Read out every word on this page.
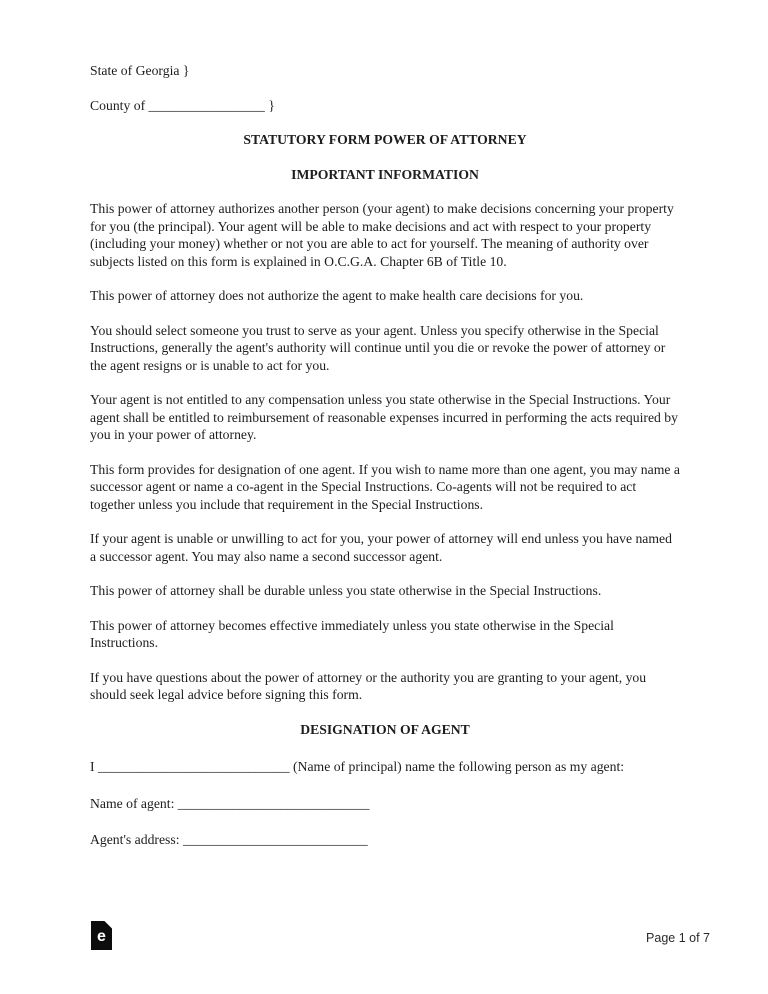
State of Georgia }

County of _________________ }

STATUTORY FORM POWER OF ATTORNEY

IMPORTANT INFORMATION

This power of attorney authorizes another person (your agent) to make decisions concerning your property for you (the principal). Your agent will be able to make decisions and act with respect to your property (including your money) whether or not you are able to act for yourself. The meaning of authority over subjects listed on this form is explained in O.C.G.A. Chapter 6B of Title 10.

This power of attorney does not authorize the agent to make health care decisions for you.

You should select someone you trust to serve as your agent. Unless you specify otherwise in the Special Instructions, generally the agent's authority will continue until you die or revoke the power of attorney or the agent resigns or is unable to act for you.

Your agent is not entitled to any compensation unless you state otherwise in the Special Instructions. Your agent shall be entitled to reimbursement of reasonable expenses incurred in performing the acts required by you in your power of attorney.

This form provides for designation of one agent. If you wish to name more than one agent, you may name a successor agent or name a co-agent in the Special Instructions. Co-agents will not be required to act together unless you include that requirement in the Special Instructions.

If your agent is unable or unwilling to act for you, your power of attorney will end unless you have named a successor agent. You may also name a second successor agent.

This power of attorney shall be durable unless you state otherwise in the Special Instructions.

This power of attorney becomes effective immediately unless you state otherwise in the Special Instructions.

If you have questions about the power of attorney or the authority you are granting to your agent, you should seek legal advice before signing this form.

DESIGNATION OF AGENT

I ____________________________ (Name of principal) name the following person as my agent:

Name of agent: ____________________________

Agent's address: ___________________________

e	Page 1 of 7
